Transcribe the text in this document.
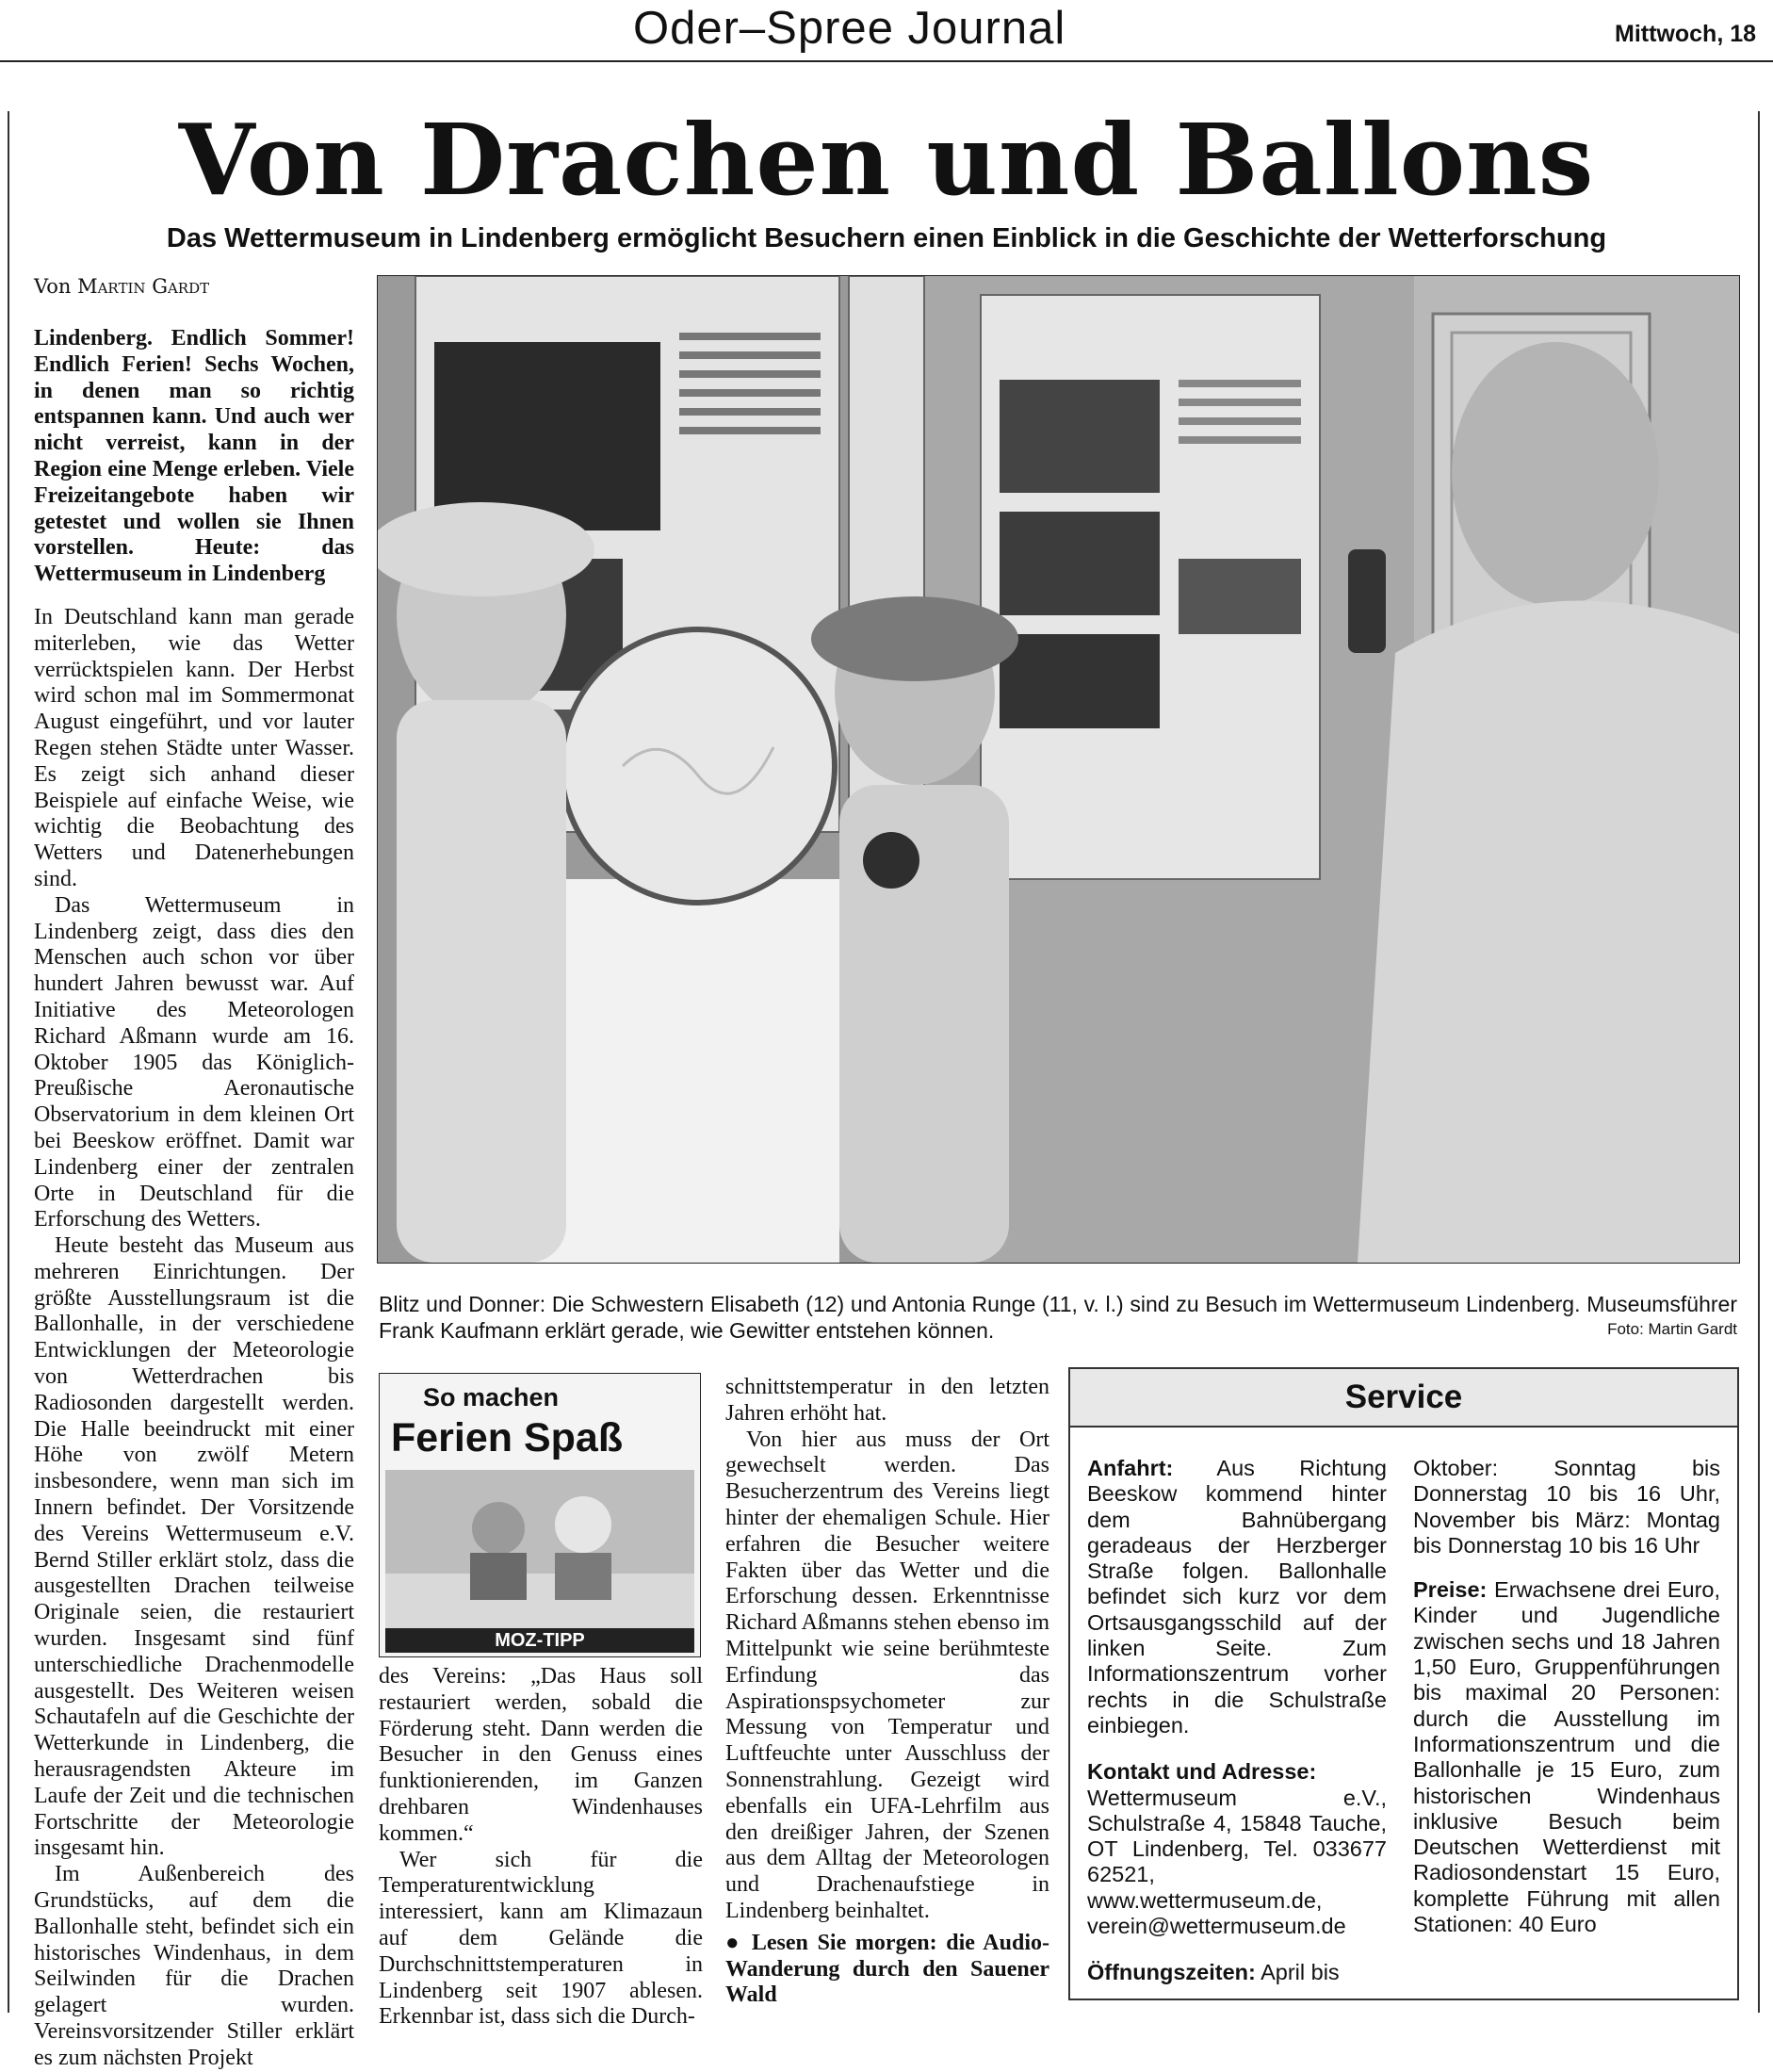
Oder–Spree Journal	Mittwoch, 18
Von Drachen und Ballons
Das Wettermuseum in Lindenberg ermöglicht Besuchern einen Einblick in die Geschichte der Wetterforschung
Von Martin Gardt

Lindenberg. Endlich Sommer! Endlich Ferien! Sechs Wochen, in denen man so richtig entspannen kann. Und auch wer nicht verreist, kann in der Region eine Menge erleben. Viele Freizeitangebote haben wir getestet und wollen sie Ihnen vorstellen. Heute: das Wettermuseum in Lindenberg

In Deutschland kann man gerade miterleben, wie das Wetter verrücktspielen kann. Der Herbst wird schon mal im Sommermonat August eingeführt, und vor lauter Regen stehen Städte unter Wasser. Es zeigt sich anhand dieser Beispiele auf einfache Weise, wie wichtig die Beobachtung des Wetters und Datenerhebungen sind.

Das Wettermuseum in Lindenberg zeigt, dass dies den Menschen auch schon vor über hundert Jahren bewusst war. Auf Initiative des Meteorologen Richard Aßmann wurde am 16. Oktober 1905 das Königlich-Preußische Aeronautische Observatorium in dem kleinen Ort bei Beeskow eröffnet. Damit war Lindenberg einer der zentralen Orte in Deutschland für die Erforschung des Wetters.

Heute besteht das Museum aus mehreren Einrichtungen. Der größte Ausstellungsraum ist die Ballonhalle, in der verschiedene Entwicklungen der Meteorologie von Wetterdrachen bis Radiosonden dargestellt werden. Die Halle beeindruckt mit einer Höhe von zwölf Metern insbesondere, wenn man sich im Innern befindet. Der Vorsitzende des Vereins Wettermuseum e.V. Bernd Stiller erklärt stolz, dass die ausgestellten Drachen teilweise Originale seien, die restauriert wurden. Insgesamt sind fünf unterschiedliche Drachenmodelle ausgestellt. Des Weiteren weisen Schautafeln auf die Geschichte der Wetterkunde in Lindenberg, die herausragendsten Akteure im Laufe der Zeit und die technischen Fortschritte der Meteorologie insgesamt hin.

Im Außenbereich des Grundstücks, auf dem die Ballonhalle steht, befindet sich ein historisches Windenhaus, in dem Seilwinden für die Drachen gelagert wurden. Vereinsvorsitzender Stiller erklärt es zum nächsten Projekt

Blitz und Donner: Die Schwestern Elisabeth (12) und Antonia Runge (11, v. l.) sind zu Besuch im Wettermuseum Lindenberg. Museumsführer Frank Kaufmann erklärt gerade, wie Gewitter entstehen können.	Foto: Martin Gardt
So machen
Ferien Spaß
MOZ-TIPP

des Vereins: „Das Haus soll restauriert werden, sobald die Förderung steht. Dann werden die Besucher in den Genuss eines funktionierenden, im Ganzen drehbaren Windenhauses kommen.“

Wer sich für die Temperaturentwicklung interessiert, kann am Klimazaun auf dem Gelände die Durchschnittstemperaturen in Lindenberg seit 1907 ablesen. Erkennbar ist, dass sich die Durch-

schnittstemperatur in den letzten Jahren erhöht hat.

Von hier aus muss der Ort gewechselt werden. Das Besucherzentrum des Vereins liegt hinter der ehemaligen Schule. Hier erfahren die Besucher weitere Fakten über das Wetter und die Erforschung dessen. Erkenntnisse Richard Aßmanns stehen ebenso im Mittelpunkt wie seine berühmteste Erfindung das Aspirationspsychometer zur Messung von Temperatur und Luftfeuchte unter Ausschluss der Sonnenstrahlung. Gezeigt wird ebenfalls ein UFA-Lehrfilm aus den dreißiger Jahren, der Szenen aus dem Alltag der Meteorologen und Drachenaufstiege in Lindenberg beinhaltet.

● Lesen Sie morgen: die Audio-Wanderung durch den Sauener Wald

Service

Anfahrt: Aus Richtung Beeskow kommend hinter dem Bahnübergang geradeaus der Herzberger Straße folgen. Ballonhalle befindet sich kurz vor dem Ortsausgangsschild auf der linken Seite. Zum Informationszentrum vorher rechts in die Schulstraße einbiegen.

Kontakt und Adresse:

Wettermuseum e.V., Schulstraße 4, 15848 Tauche, OT Lindenberg, Tel. 033677 62521, www.wettermuseum.de, verein@wettermuseum.de

Öffnungszeiten: April bis

Oktober: Sonntag bis Donnerstag 10 bis 16 Uhr, November bis März: Montag bis Donnerstag 10 bis 16 Uhr

Preise: Erwachsene drei Euro, Kinder und Jugendliche zwischen sechs und 18 Jahren 1,50 Euro, Gruppenführungen bis maximal 20 Personen: durch die Ausstellung im Informationszentrum und die Ballonhalle je 15 Euro, zum historischen Windenhaus inklusive Besuch beim Deutschen Wetterdienst mit Radiosondenstart 15 Euro, komplette Führung mit allen Stationen: 40 Euro
